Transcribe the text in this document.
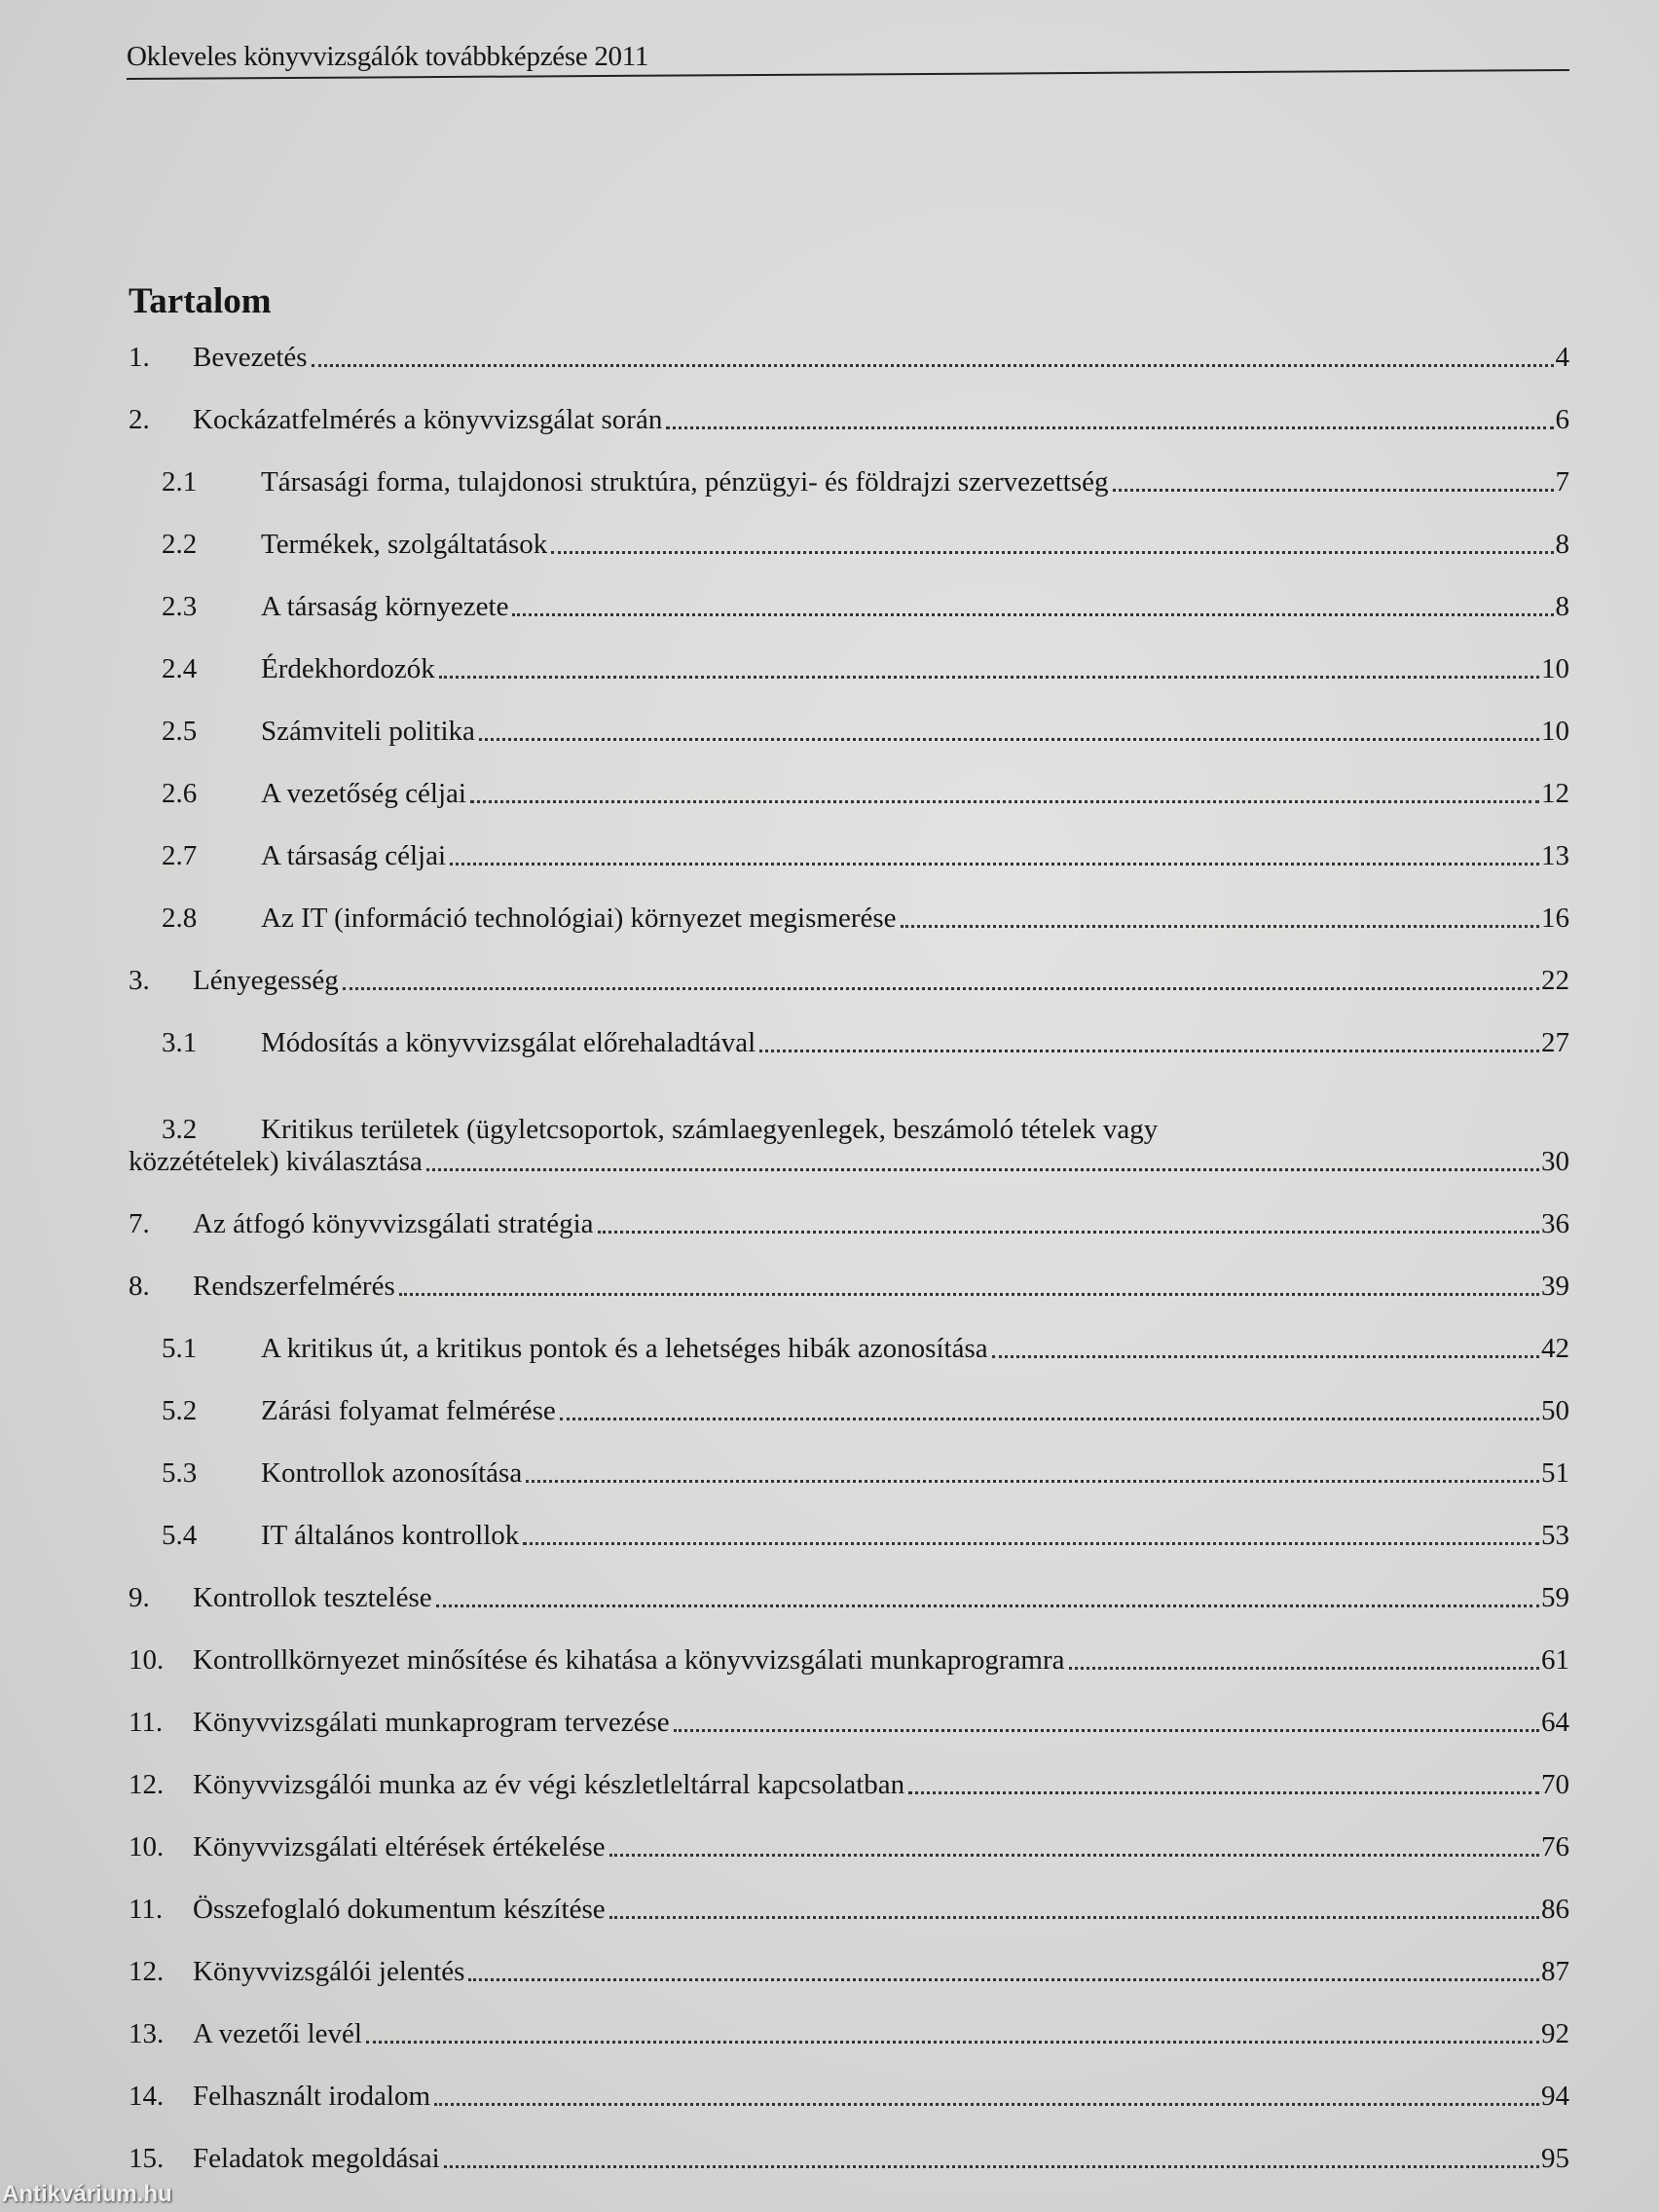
Okleveles könyvvizsgálók továbbképzése 2011
Tartalom
1.	Bevezetés	4
2.	Kockázatfelmérés a könyvvizsgálat során	6
2.1	Társasági forma, tulajdonosi struktúra, pénzügyi- és földrajzi szervezettség	7
2.2	Termékek, szolgáltatások	8
2.3	A társaság környezete	8
2.4	Érdekhordozók	10
2.5	Számviteli politika	10
2.6	A vezetőség céljai	12
2.7	A társaság céljai	13
2.8	Az IT (információ technológiai) környezet megismerése	16
3.	Lényegesség	22
3.1	Módosítás a könyvvizsgálat előrehaladtával	27
3.2	Kritikus területek (ügyletcsoportok, számlaegyenlegek, beszámoló tételek vagy
közzétételek) kiválasztása	30
7.	Az átfogó könyvvizsgálati stratégia	36
8.	Rendszerfelmérés	39
5.1	A kritikus út, a kritikus pontok és a lehetséges hibák azonosítása	42
5.2	Zárási folyamat felmérése	50
5.3	Kontrollok azonosítása	51
5.4	IT általános kontrollok	53
9.	Kontrollok tesztelése	59
10.	Kontrollkörnyezet minősítése és kihatása a könyvvizsgálati munkaprogramra	61
11.	Könyvvizsgálati munkaprogram tervezése	64
12.	Könyvvizsgálói munka az év végi készletleltárral kapcsolatban	70
10.	Könyvvizsgálati eltérések értékelése	76
11.	Összefoglaló dokumentum készítése	86
12.	Könyvvizsgálói jelentés	87
13.	A vezetői levél	92
14.	Felhasznált irodalom	94
15.	Feladatok megoldásai	95
Antikvárium.hu
